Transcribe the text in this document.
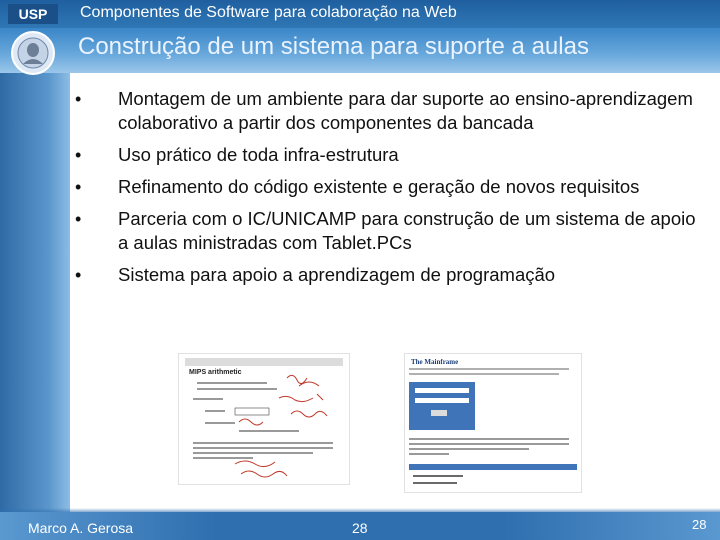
USP Componentes de Software para colaboração na Web
Construção de um sistema para suporte a aulas
• Montagem de um ambiente para dar suporte ao ensino-aprendizagem colaborativo a partir dos componentes da bancada
• Uso prático de toda infra-estrutura
• Refinamento do código existente e geração de novos requisitos
• Parceria com o IC/UNICAMP para construção de um sistema de apoio a aulas ministradas com Tablet.PCs
• Sistema para apoio a aprendizagem de programação
MIPS arithmetic
The Mainframe
Marco A. Gerosa	28	28
